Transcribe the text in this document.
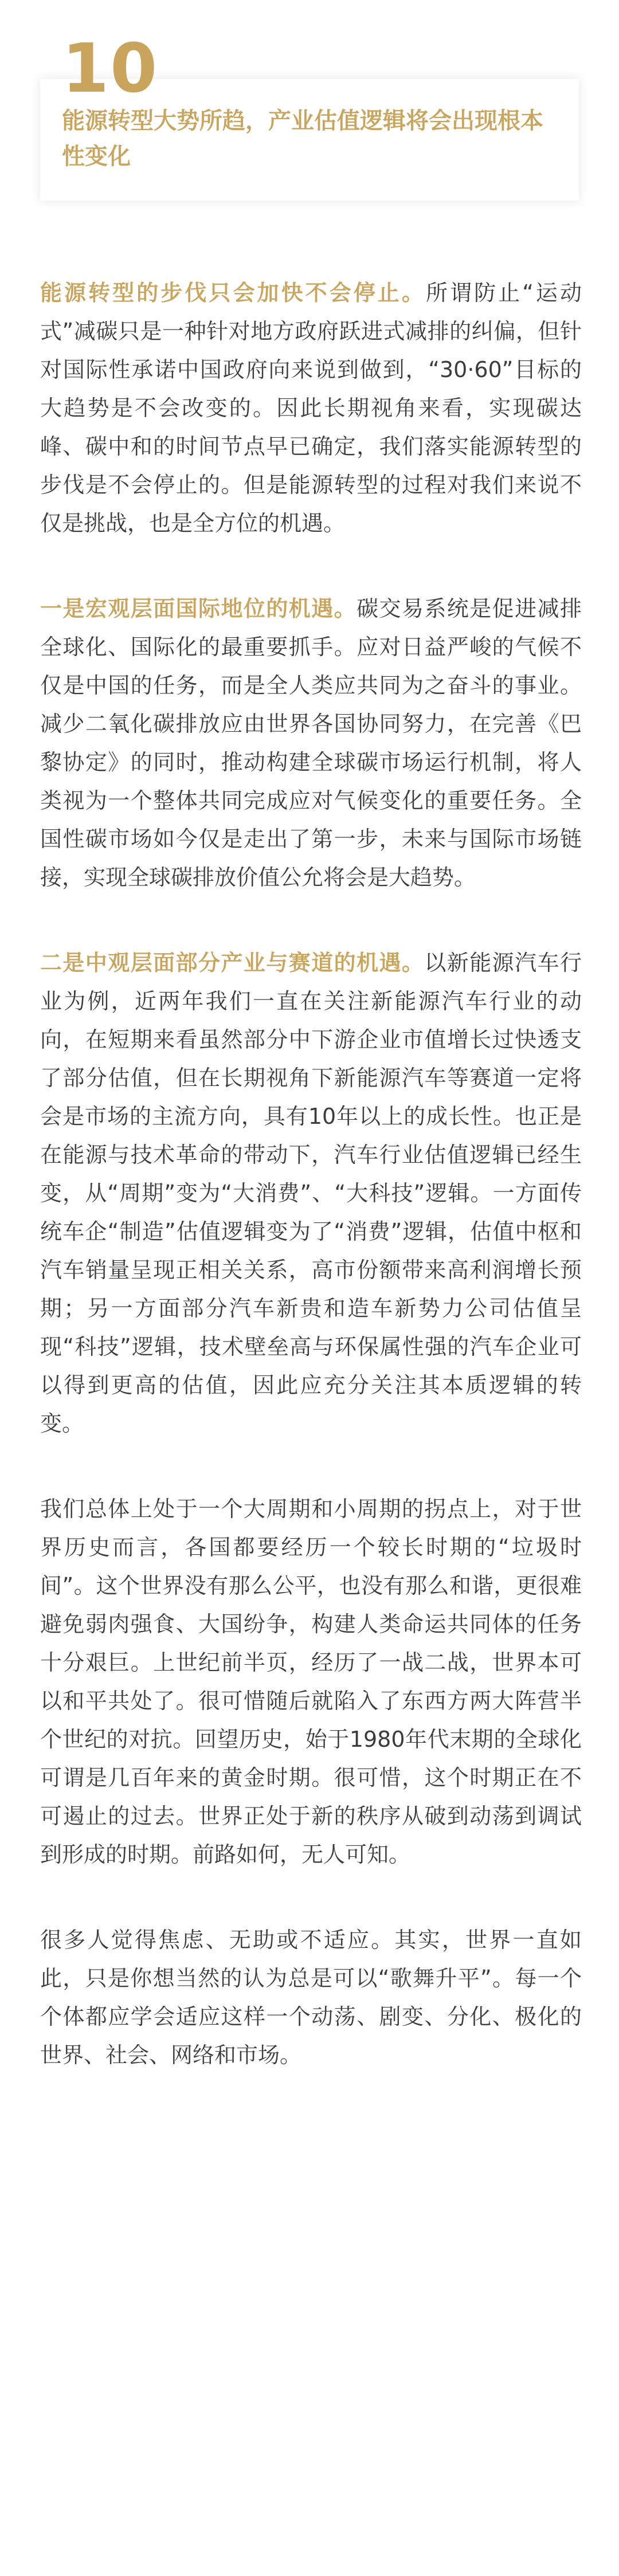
10
能源转型大势所趋，产业估值逻辑将会出现根本性变化

能源转型的步伐只会加快不会停止。所谓防止“运动式”减碳只是一种针对地方政府跃进式减排的纠偏，但针对国际性承诺中国政府向来说到做到，“30·60”目标的大趋势是不会改变的。因此长期视角来看，实现碳达峰、碳中和的时间节点早已确定，我们落实能源转型的步伐是不会停止的。但是能源转型的过程对我们来说不仅是挑战，也是全方位的机遇。

一是宏观层面国际地位的机遇。碳交易系统是促进减排全球化、国际化的最重要抓手。应对日益严峻的气候不仅是中国的任务，而是全人类应共同为之奋斗的事业。减少二氧化碳排放应由世界各国协同努力，在完善《巴黎协定》的同时，推动构建全球碳市场运行机制，将人类视为一个整体共同完成应对气候变化的重要任务。全国性碳市场如今仅是走出了第一步，未来与国际市场链接，实现全球碳排放价值公允将会是大趋势。

二是中观层面部分产业与赛道的机遇。以新能源汽车行业为例，近两年我们一直在关注新能源汽车行业的动向，在短期来看虽然部分中下游企业市值增长过快透支了部分估值，但在长期视角下新能源汽车等赛道一定将会是市场的主流方向，具有10年以上的成长性。也正是在能源与技术革命的带动下，汽车行业估值逻辑已经生变，从“周期”变为“大消费”、“大科技”逻辑。一方面传统车企“制造”估值逻辑变为了“消费”逻辑，估值中枢和汽车销量呈现正相关关系，高市份额带来高利润增长预期；另一方面部分汽车新贵和造车新势力公司估值呈现“科技”逻辑，技术壁垒高与环保属性强的汽车企业可以得到更高的估值，因此应充分关注其本质逻辑的转变。

我们总体上处于一个大周期和小周期的拐点上，对于世界历史而言，各国都要经历一个较长时期的“垃圾时间”。这个世界没有那么公平，也没有那么和谐，更很难避免弱肉强食、大国纷争，构建人类命运共同体的任务十分艰巨。上世纪前半页，经历了一战二战，世界本可以和平共处了。很可惜随后就陷入了东西方两大阵营半个世纪的对抗。回望历史，始于1980年代末期的全球化可谓是几百年来的黄金时期。很可惜，这个时期正在不可遏止的过去。世界正处于新的秩序从破到动荡到调试到形成的时期。前路如何，无人可知。

很多人觉得焦虑、无助或不适应。其实，世界一直如此，只是你想当然的认为总是可以“歌舞升平”。每一个个体都应学会适应这样一个动荡、剧变、分化、极化的世界、社会、网络和市场。
